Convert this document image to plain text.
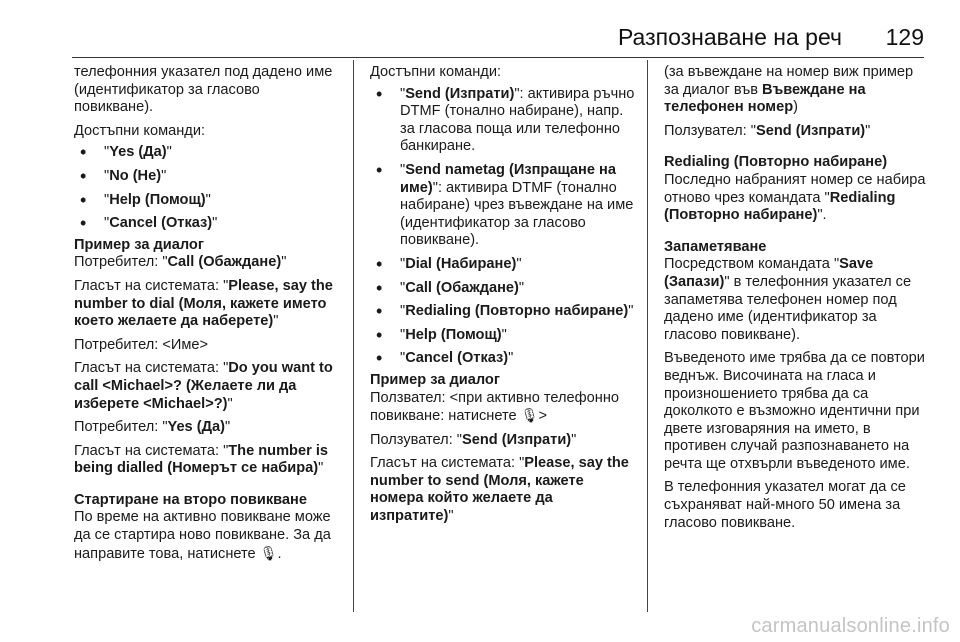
Разпознаване на реч 129

телефонния указател под дадено име (идентификатор за гласово повикване).

Достъпни команди:

• "Yes (Да)"
• "No (Не)"
• "Help (Помощ)"
• "Cancel (Отказ)"

Пример за диалог

Потребител: "Call (Обаждане)"

Гласът на системата: "Please, say the number to dial (Моля, кажете името което желаете да наберете)"

Потребител: <Име>

Гласът на системата: "Do you want to call <Michael>? (Желаете ли да изберете <Michael>?)"

Потребител: "Yes (Да)"

Гласът на системата: "The number is being dialled (Номерът се набира)"

Стартиране на второ повикване

По време на активно повикване може да се стартира ново повикване. За да направите това, натиснете 🎙︎.

Достъпни команди:

• "Send (Изпрати)": активира ръчно DTMF (тонално набиране), напр. за гласова поща или телефонно банкиране.
• "Send nametag (Изпращане на име)": активира DTMF (тонално набиране) чрез въвеждане на име (идентификатор за гласово повикване).
• "Dial (Набиране)"
• "Call (Обаждане)"
• "Redialing (Повторно набиране)"
• "Help (Помощ)"
• "Cancel (Отказ)"

Пример за диалог

Ползвател: <при активно телефонно повикване: натиснете 🎙︎>

Ползувател: "Send (Изпрати)"

Гласът на системата: "Please, say the number to send (Моля, кажете номера който желаете да изпратите)"

(за въвеждане на номер виж пример за диалог във Въвеждане на телефонен номер)

Ползувател: "Send (Изпрати)"

Redialing (Повторно набиране)

Последно набраният номер се набира отново чрез командата "Redialing (Повторно набиране)".

Запаметяване

Посредством командата "Save (Запази)" в телефонния указател се запаметява телефонен номер под дадено име (идентификатор за гласово повикване).

Въведеното име трябва да се повтори веднъж. Височината на гласа и произношението трябва да са доколкото е възможно идентични при двете изговаряния на името, в противен случай разпознаването на речта ще отхвърли въведеното име.

В телефонния указател могат да се съхраняват най-много 50 имена за гласово повикване.

carmanualsonline.info
